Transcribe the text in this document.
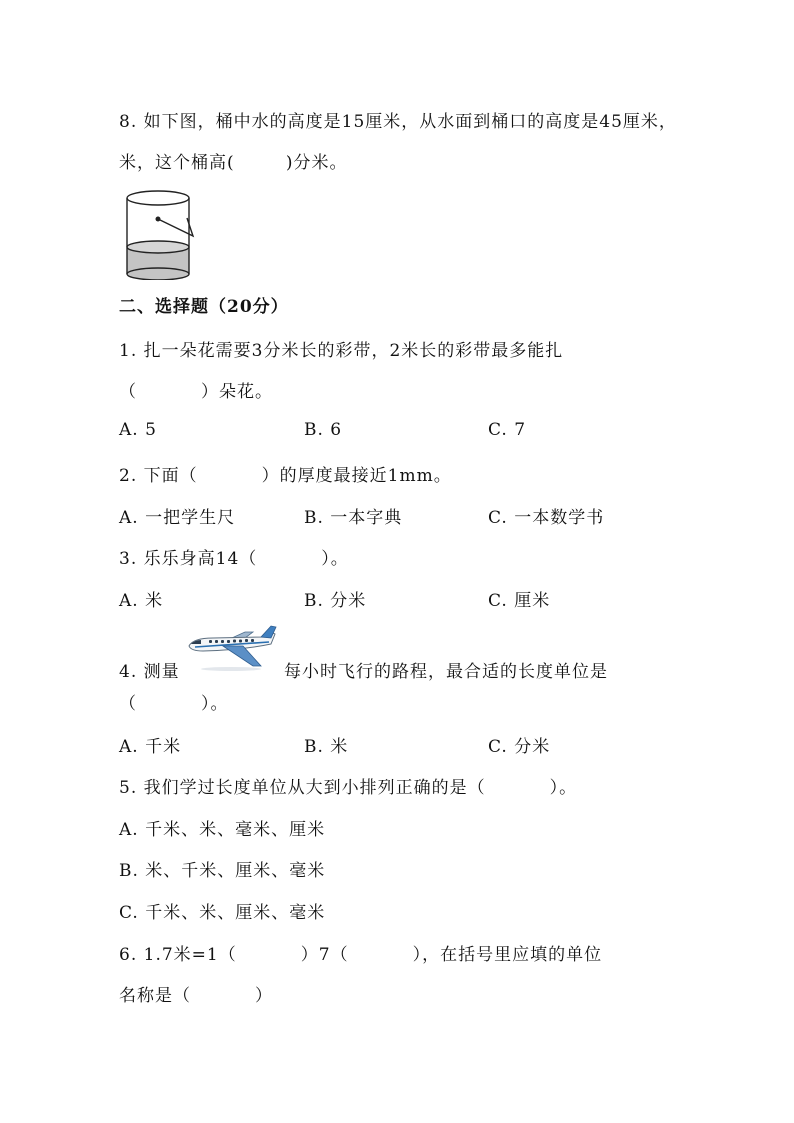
8. 如下图，桶中水的高度是15厘米，从水面到桶口的高度是45厘米，
米，这个桶高(        )分米。
二、选择题（20分）
1. 扎一朵花需要3分米长的彩带，2米长的彩带最多能扎
（          ）朵花。
A. 5	B. 6	C. 7
2. 下面（          ）的厚度最接近1mm。
A. 一把学生尺	B. 一本字典	C. 一本数学书
3. 乐乐身高14（          ）。
A. 米	B. 分米	C. 厘米
4. 测量	每小时飞行的路程，最合适的长度单位是
（          ）。
A. 千米	B. 米	C. 分米
5. 我们学过长度单位从大到小排列正确的是（          ）。
A. 千米、米、毫米、厘米
B. 米、千米、厘米、毫米
C. 千米、米、厘米、毫米
6. 1.7米=1（          ）7（          ），在括号里应填的单位
名称是（          ）
